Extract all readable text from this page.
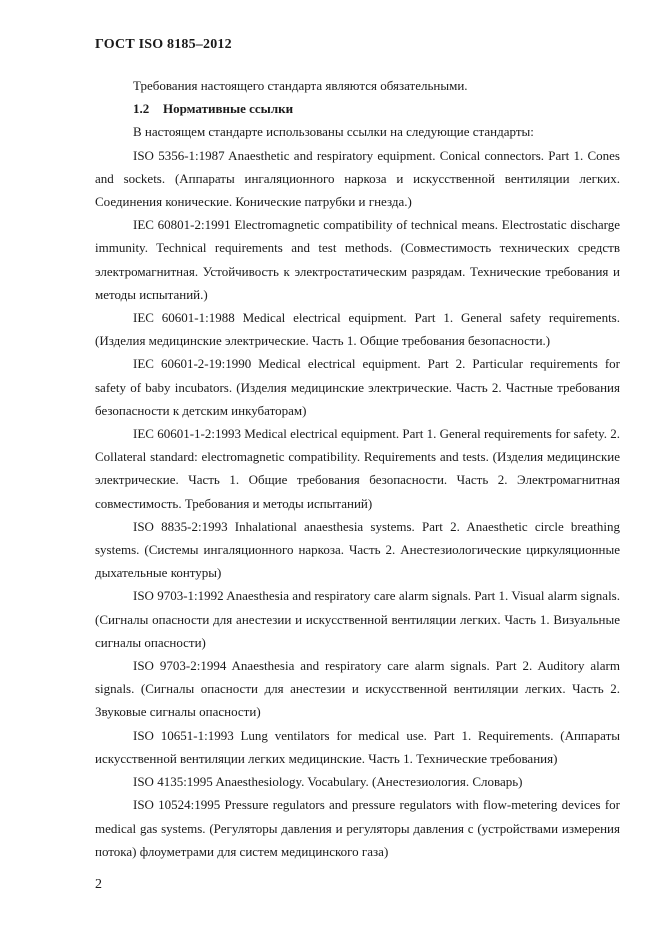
ГОСТ ISO 8185–2012

Требования настоящего стандарта являются обязательными.

1.2 Нормативные ссылки

В настоящем стандарте использованы ссылки на следующие стандарты:

ISO 5356-1:1987 Anaesthetic and respiratory equipment. Conical connectors. Part 1. Cones and sockets. (Аппараты ингаляционного наркоза и искусственной вентиляции легких. Соединения конические. Конические патрубки и гнезда.)

IEC 60801-2:1991 Electromagnetic compatibility of technical means. Electrostatic discharge immunity. Technical requirements and test methods. (Совместимость технических средств электромагнитная. Устойчивость к электростатическим разрядам. Технические требования и методы испытаний.)

IEC 60601-1:1988 Medical electrical equipment. Part 1. General safety requirements. (Изделия медицинские электрические. Часть 1. Общие требования безопасности.)

IEC 60601-2-19:1990 Medical electrical equipment. Part 2. Particular requirements for safety of baby incubators. (Изделия медицинские электрические. Часть 2. Частные требования безопасности к детским инкубаторам)

IEC 60601-1-2:1993 Medical electrical equipment. Part 1. General requirements for safety. 2. Collateral standard: electromagnetic compatibility. Requirements and tests. (Изделия медицинские электрические. Часть 1. Общие требования безопасности. Часть 2. Электромагнитная совместимость. Требования и методы испытаний)

ISO 8835-2:1993 Inhalational anaesthesia systems. Part 2. Anaesthetic circle breathing systems. (Системы ингаляционного наркоза. Часть 2. Анестезиологические циркуляционные дыхательные контуры)

ISO 9703-1:1992 Anaesthesia and respiratory care alarm signals. Part 1. Visual alarm signals. (Сигналы опасности для анестезии и искусственной вентиляции легких. Часть 1. Визуальные сигналы опасности)

ISO 9703-2:1994 Anaesthesia and respiratory care alarm signals. Part 2. Auditory alarm signals. (Сигналы опасности для анестезии и искусственной вентиляции легких. Часть 2. Звуковые сигналы опасности)

ISO 10651-1:1993 Lung ventilators for medical use. Part 1. Requirements. (Аппараты искусственной вентиляции легких медицинские. Часть 1. Технические требования)

ISO 4135:1995 Anaesthesiology. Vocabulary. (Анестезиология. Словарь)

ISO 10524:1995 Pressure regulators and pressure regulators with flow-metering devices for medical gas systems. (Регуляторы давления и регуляторы давления с (устройствами измерения потока) флоуметрами для систем медицинского газа)

2
